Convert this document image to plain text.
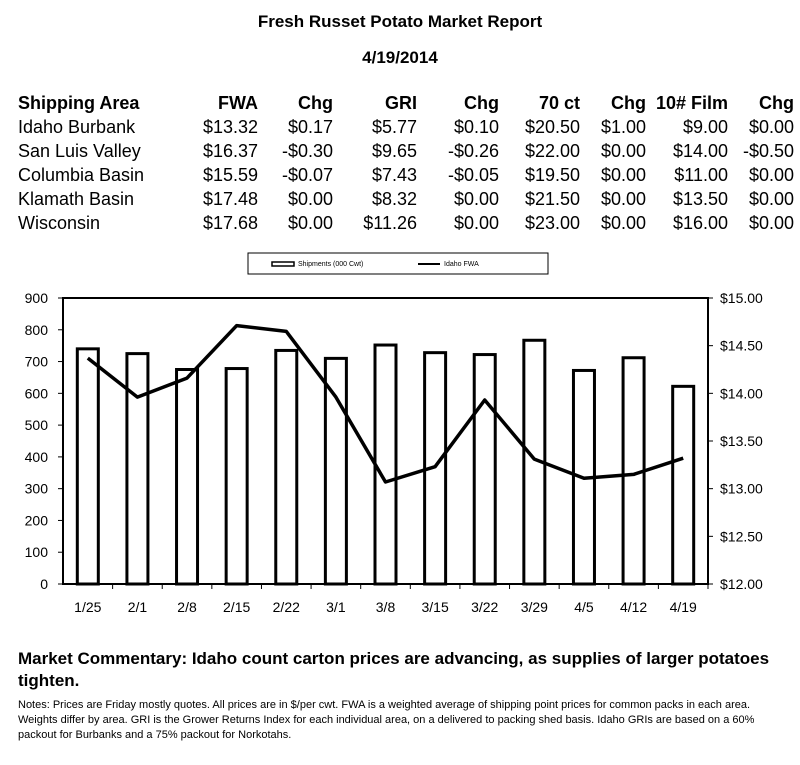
Fresh Russet Potato Market Report
4/19/2014
Shipping Area	FWA	Chg	GRI	Chg	70 ct	Chg	10# Film	Chg
Idaho Burbank	$13.32	$0.17	$5.77	$0.10	$20.50	$1.00	$9.00	$0.00
San Luis Valley	$16.37	-$0.30	$9.65	-$0.26	$22.00	$0.00	$14.00	-$0.50
Columbia Basin	$15.59	-$0.07	$7.43	-$0.05	$19.50	$0.00	$11.00	$0.00
Klamath Basin	$17.48	$0.00	$8.32	$0.00	$21.50	$0.00	$13.50	$0.00
Wisconsin	$17.68	$0.00	$11.26	$0.00	$23.00	$0.00	$16.00	$0.00
Shipments (000 Cwt)	Idaho FWA
0
100
200
300
400
500
600
700
800
900
$12.00
$12.50
$13.00
$13.50
$14.00
$14.50
$15.00
1/25 2/1 2/8 2/15 2/22 3/1 3/8 3/15 3/22 3/29 4/5 4/12 4/19
Market Commentary: Idaho count carton prices are advancing, as supplies of larger potatoes tighten.
Notes: Prices are Friday mostly quotes. All prices are in $/per cwt. FWA is a weighted average of shipping point prices for common packs in each area. Weights differ by area. GRI is the Grower Returns Index for each individual area, on a delivered to packing shed basis. Idaho GRIs are based on a 60% packout for Burbanks and a 75% packout for Norkotahs.
